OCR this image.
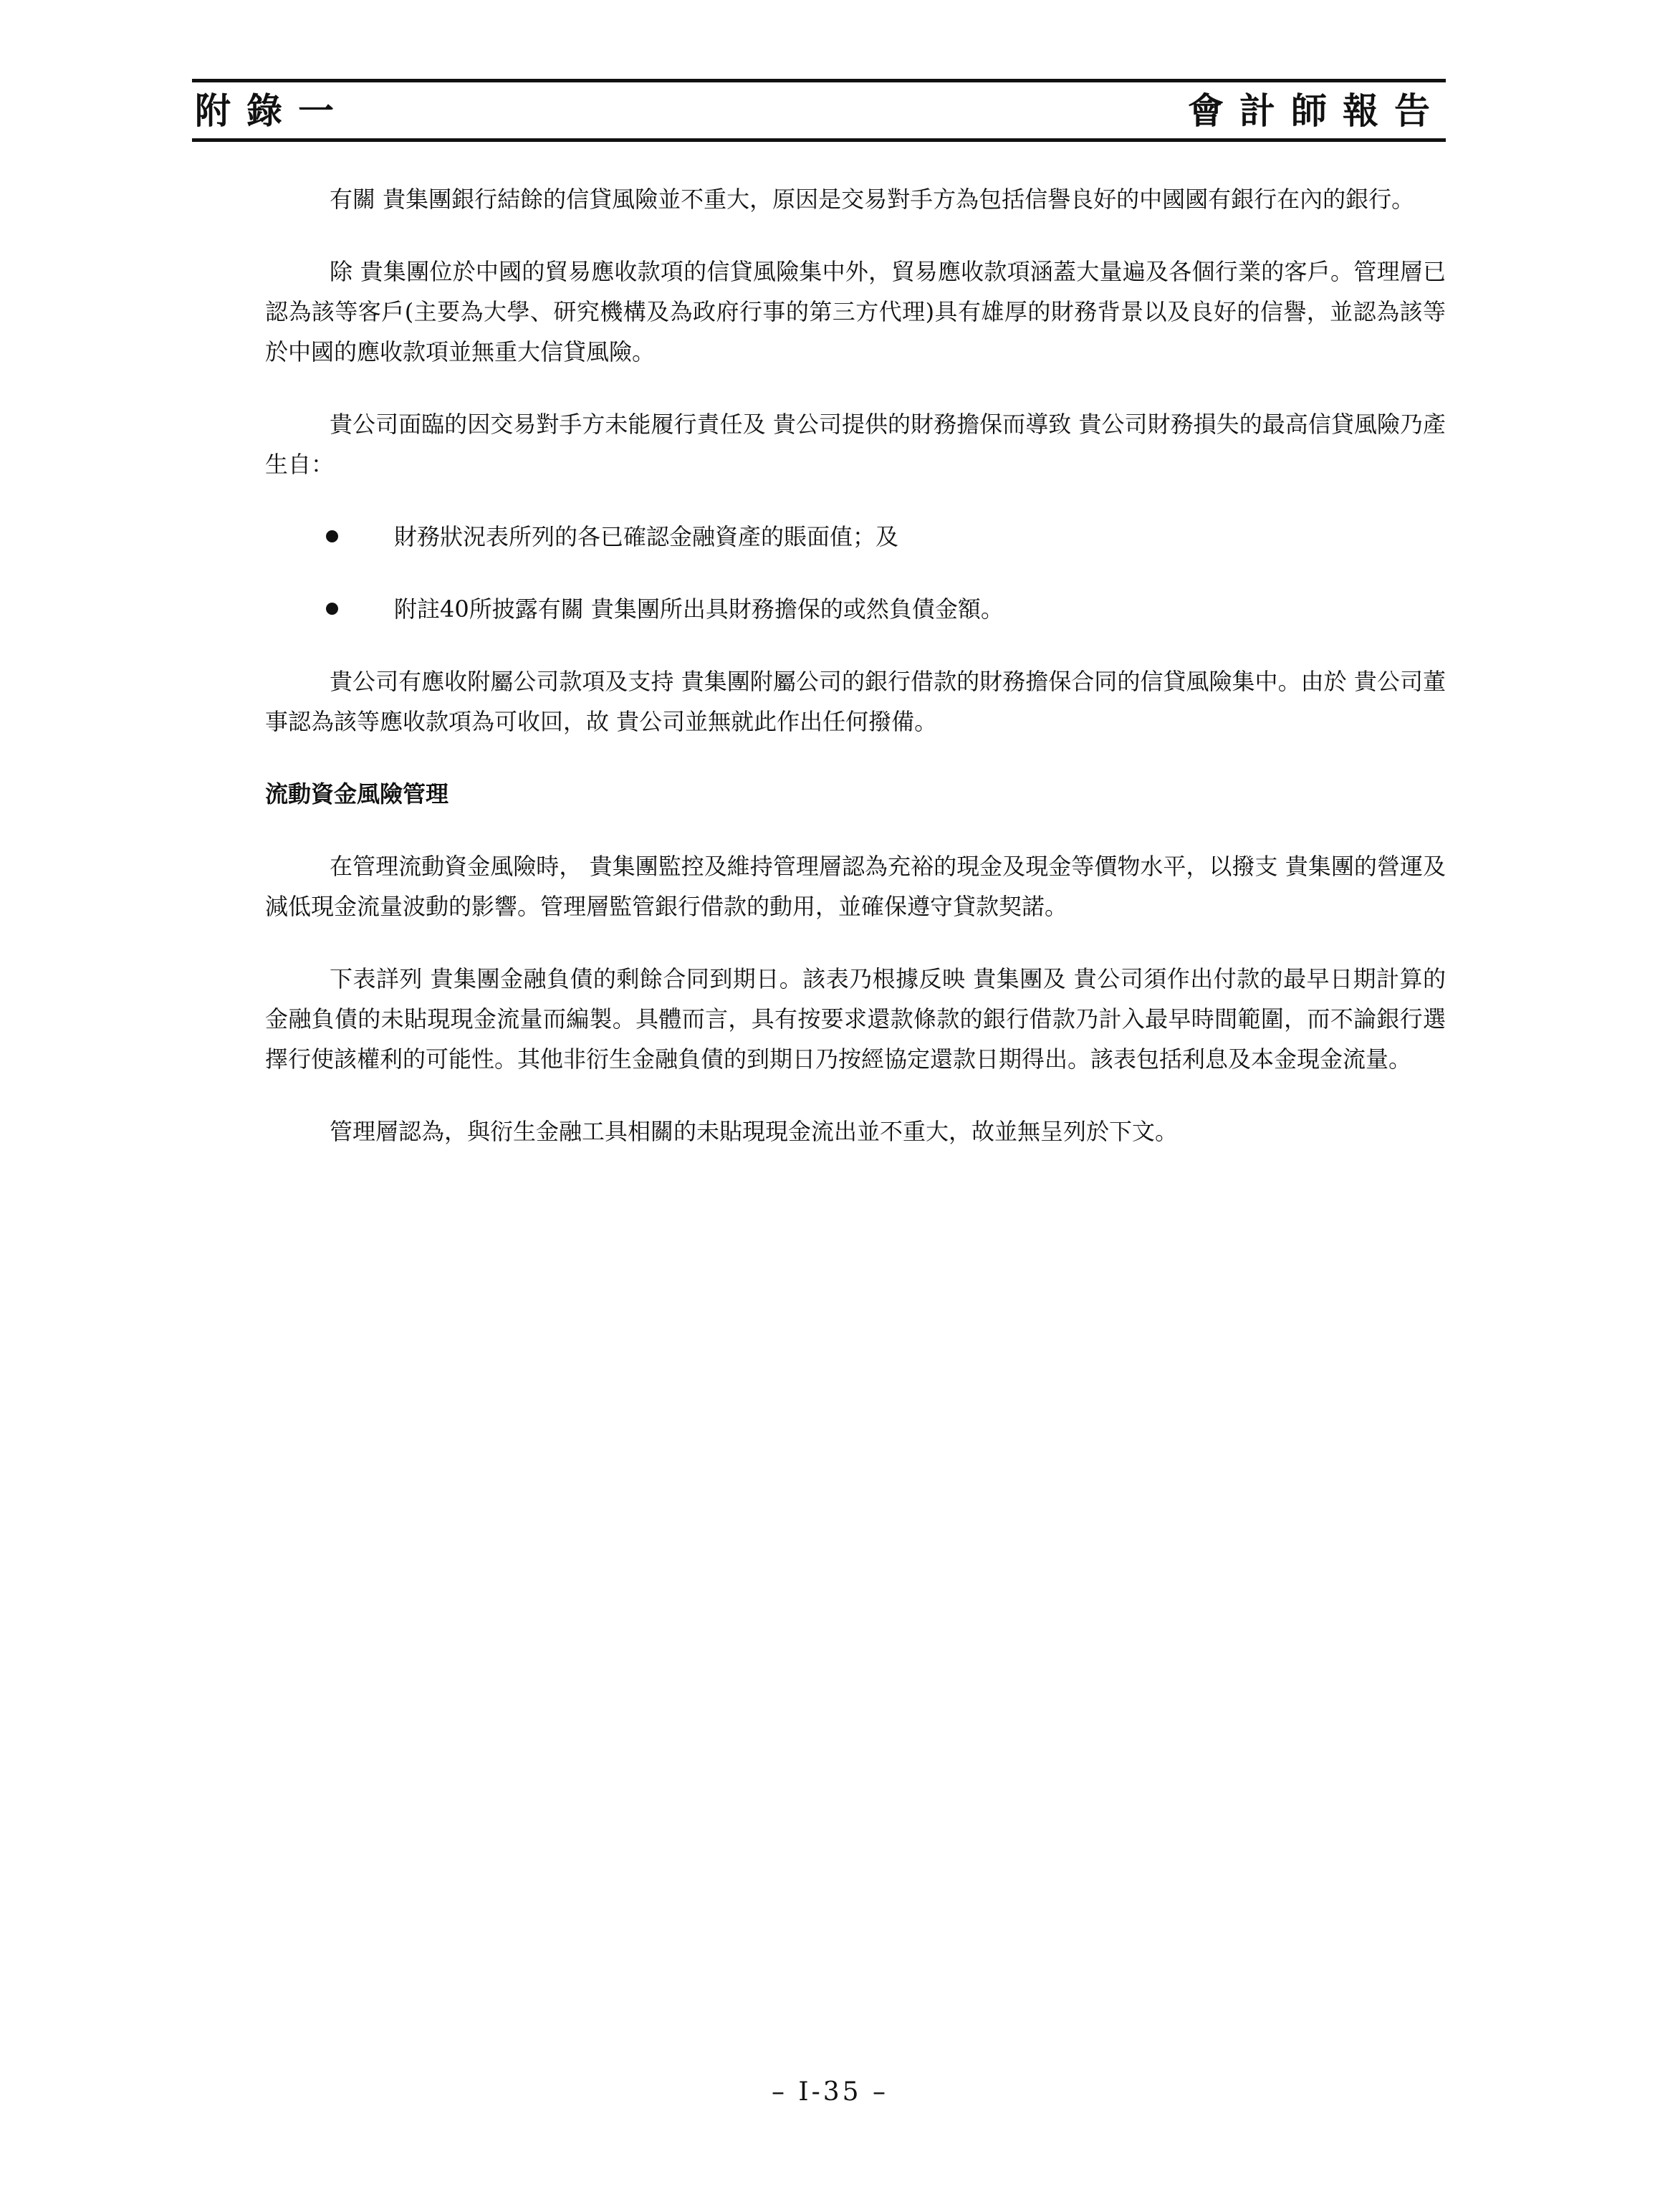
附錄一	會計師報告

有關 貴集團銀行結餘的信貸風險並不重大，原因是交易對手方為包括信譽良好的中國國有銀行在內的銀行。

除 貴集團位於中國的貿易應收款項的信貸風險集中外，貿易應收款項涵蓋大量遍及各個行業的客戶。管理層已認為該等客戶(主要為大學、研究機構及為政府行事的第三方代理)具有雄厚的財務背景以及良好的信譽，並認為該等於中國的應收款項並無重大信貸風險。

貴公司面臨的因交易對手方未能履行責任及 貴公司提供的財務擔保而導致 貴公司財務損失的最高信貸風險乃產生自：

財務狀況表所列的各已確認金融資產的賬面值；及
附註40所披露有關 貴集團所出具財務擔保的或然負債金額。

貴公司有應收附屬公司款項及支持 貴集團附屬公司的銀行借款的財務擔保合同的信貸風險集中。由於 貴公司董事認為該等應收款項為可收回，故 貴公司並無就此作出任何撥備。

流動資金風險管理

在管理流動資金風險時， 貴集團監控及維持管理層認為充裕的現金及現金等價物水平，以撥支 貴集團的營運及減低現金流量波動的影響。管理層監管銀行借款的動用，並確保遵守貸款契諾。

下表詳列 貴集團金融負債的剩餘合同到期日。該表乃根據反映 貴集團及 貴公司須作出付款的最早日期計算的金融負債的未貼現現金流量而編製。具體而言，具有按要求還款條款的銀行借款乃計入最早時間範圍，而不論銀行選擇行使該權利的可能性。其他非衍生金融負債的到期日乃按經協定還款日期得出。該表包括利息及本金現金流量。

管理層認為，與衍生金融工具相關的未貼現現金流出並不重大，故並無呈列於下文。

– I-35 –
